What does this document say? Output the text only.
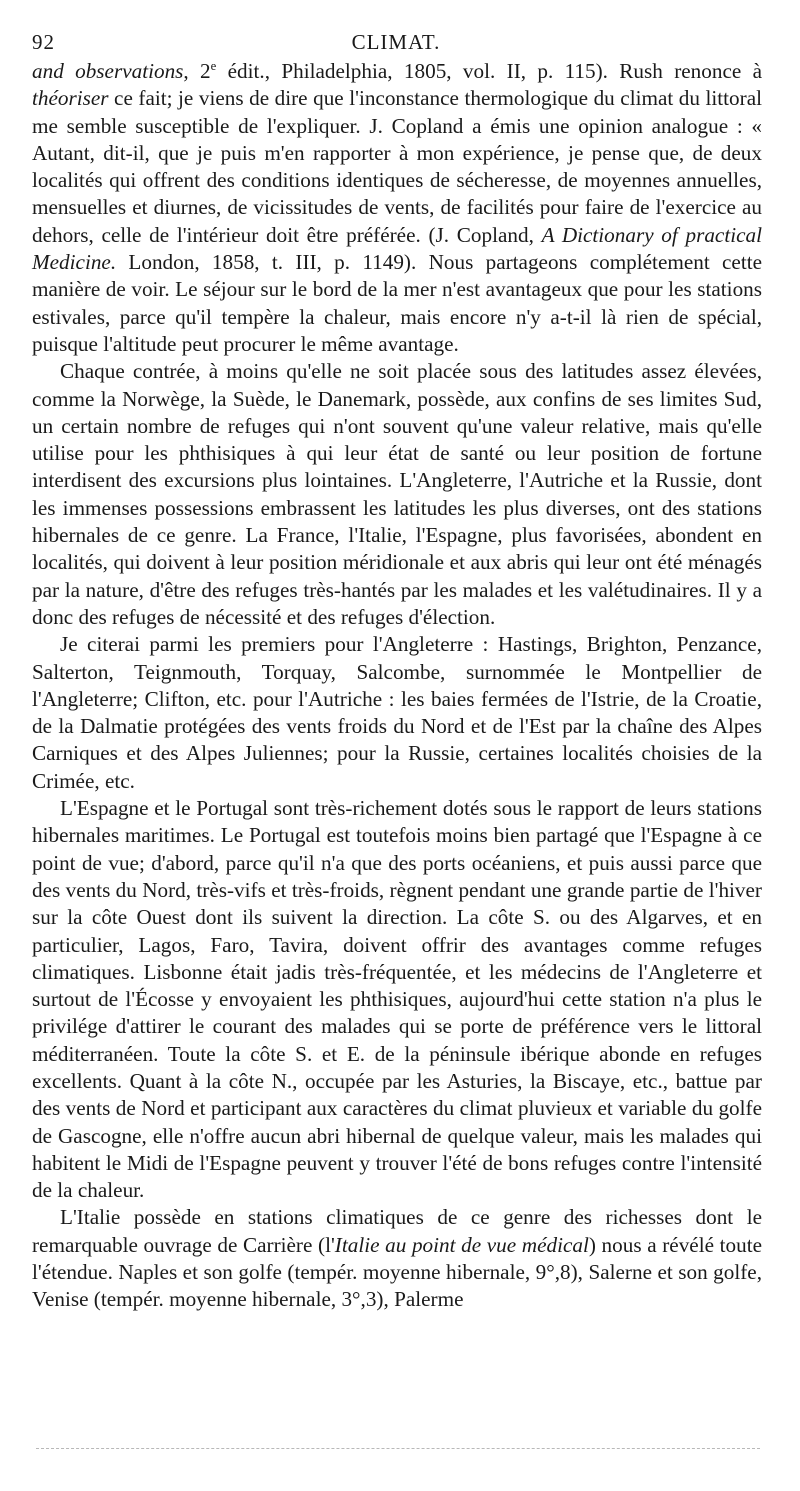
92	CLIMAT.

and observations, 2e édit., Philadelphia, 1805, vol. II, p. 115). Rush renonce à théoriser ce fait; je viens de dire que l'inconstance thermologique du climat du littoral me semble susceptible de l'expliquer. J. Copland a émis une opinion analogue : « Autant, dit-il, que je puis m'en rapporter à mon expérience, je pense que, de deux localités qui offrent des conditions identiques de sécheresse, de moyennes annuelles, mensuelles et diurnes, de vicissitudes de vents, de facilités pour faire de l'exercice au dehors, celle de l'intérieur doit être préférée. (J. Copland, A Dictionary of practical Medicine. London, 1858, t. III, p. 1149). Nous partageons complétement cette manière de voir. Le séjour sur le bord de la mer n'est avantageux que pour les stations estivales, parce qu'il tempère la chaleur, mais encore n'y a-t-il là rien de spécial, puisque l'altitude peut procurer le même avantage.

Chaque contrée, à moins qu'elle ne soit placée sous des latitudes assez élevées, comme la Norwège, la Suède, le Danemark, possède, aux confins de ses limites Sud, un certain nombre de refuges qui n'ont souvent qu'une valeur relative, mais qu'elle utilise pour les phthisiques à qui leur état de santé ou leur position de fortune interdisent des excursions plus lointaines. L'Angleterre, l'Autriche et la Russie, dont les immenses possessions embrassent les latitudes les plus diverses, ont des stations hibernales de ce genre. La France, l'Italie, l'Espagne, plus favorisées, abondent en localités, qui doivent à leur position méridionale et aux abris qui leur ont été ménagés par la nature, d'être des refuges très-hantés par les malades et les valétudinaires. Il y a donc des refuges de nécessité et des refuges d'élection.

Je citerai parmi les premiers pour l'Angleterre : Hastings, Brighton, Penzance, Salterton, Teignmouth, Torquay, Salcombe, surnommée le Montpellier de l'Angleterre; Clifton, etc. pour l'Autriche : les baies fermées de l'Istrie, de la Croatie, de la Dalmatie protégées des vents froids du Nord et de l'Est par la chaîne des Alpes Carniques et des Alpes Juliennes; pour la Russie, certaines localités choisies de la Crimée, etc.

L'Espagne et le Portugal sont très-richement dotés sous le rapport de leurs stations hibernales maritimes. Le Portugal est toutefois moins bien partagé que l'Espagne à ce point de vue; d'abord, parce qu'il n'a que des ports océaniens, et puis aussi parce que des vents du Nord, très-vifs et très-froids, règnent pendant une grande partie de l'hiver sur la côte Ouest dont ils suivent la direction. La côte S. ou des Algarves, et en particulier, Lagos, Faro, Tavira, doivent offrir des avantages comme refuges climatiques. Lisbonne était jadis très-fréquentée, et les médecins de l'Angleterre et surtout de l'Écosse y envoyaient les phthisiques, aujourd'hui cette station n'a plus le privilége d'attirer le courant des malades qui se porte de préférence vers le littoral méditerranéen. Toute la côte S. et E. de la péninsule ibérique abonde en refuges excellents. Quant à la côte N., occupée par les Asturies, la Biscaye, etc., battue par des vents de Nord et participant aux caractères du climat pluvieux et variable du golfe de Gascogne, elle n'offre aucun abri hibernal de quelque valeur, mais les malades qui habitent le Midi de l'Espagne peuvent y trouver l'été de bons refuges contre l'intensité de la chaleur.

L'Italie possède en stations climatiques de ce genre des richesses dont le remarquable ouvrage de Carrière (l'Italie au point de vue médical) nous a révélé toute l'étendue. Naples et son golfe (tempér. moyenne hibernale, 9°,8), Salerne et son golfe, Venise (tempér. moyenne hibernale, 3°,3), Palerme
